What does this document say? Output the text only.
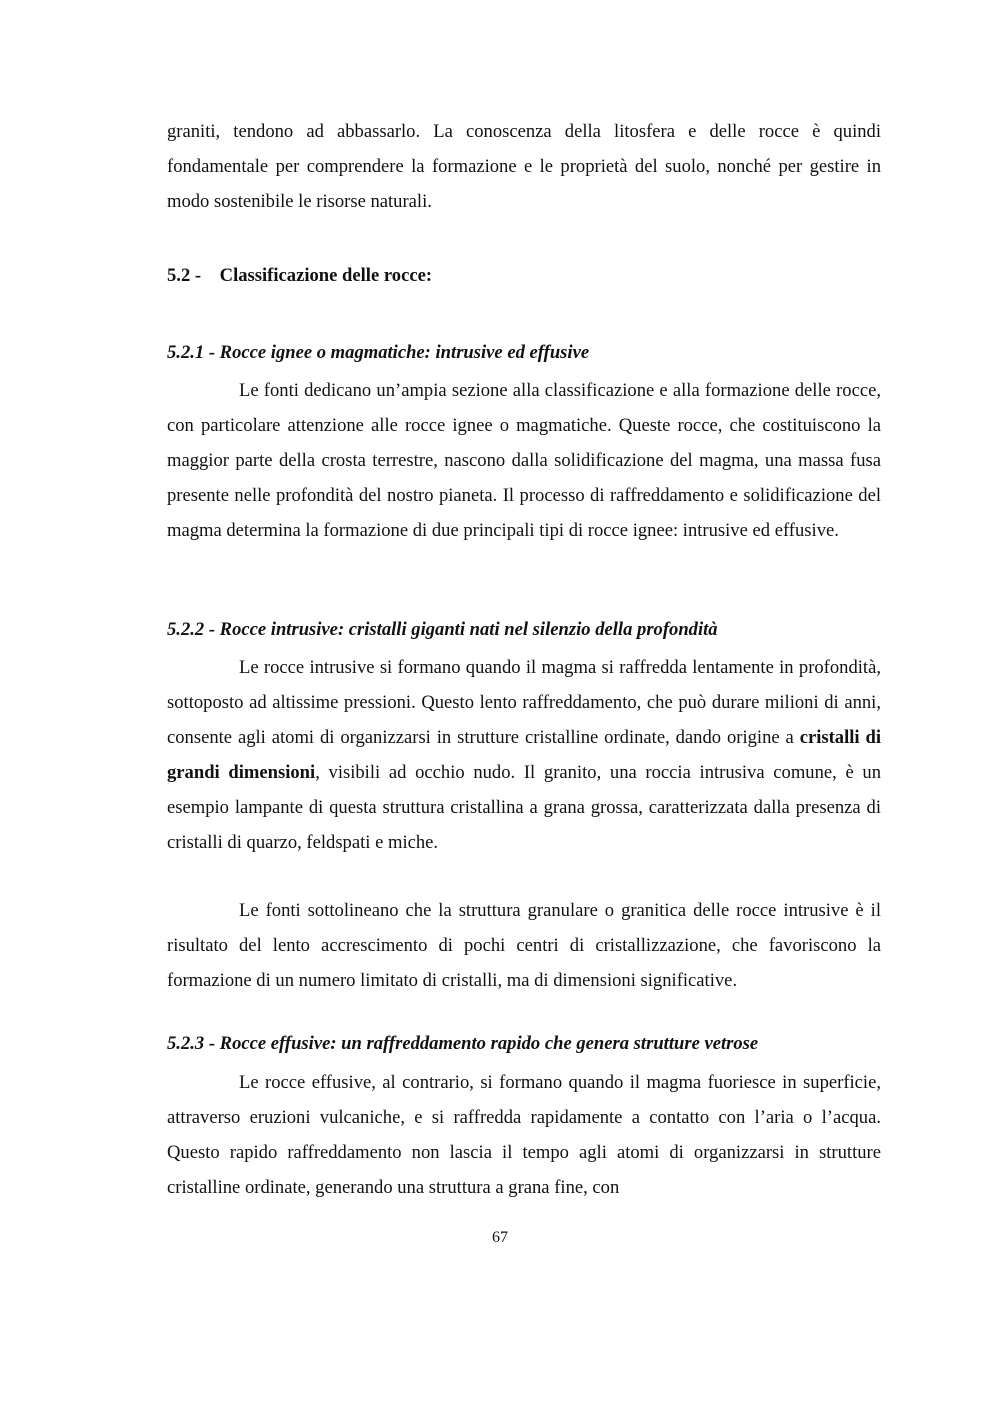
graniti, tendono ad abbassarlo. La conoscenza della litosfera e delle rocce è quindi fondamentale per comprendere la formazione e le proprietà del suolo, nonché per gestire in modo sostenibile le risorse naturali.

5.2 - Classificazione delle rocce:
5.2.1 - Rocce ignee o magmatiche: intrusive ed effusive

Le fonti dedicano un’ampia sezione alla classificazione e alla formazione delle rocce, con particolare attenzione alle rocce ignee o magmatiche. Queste rocce, che costituiscono la maggior parte della crosta terrestre, nascono dalla solidificazione del magma, una massa fusa presente nelle profondità del nostro pianeta. Il processo di raffreddamento e solidificazione del magma determina la formazione di due principali tipi di rocce ignee: intrusive ed effusive.

5.2.2 - Rocce intrusive: cristalli giganti nati nel silenzio della profondità

Le rocce intrusive si formano quando il magma si raffredda lentamente in profondità, sottoposto ad altissime pressioni. Questo lento raffreddamento, che può durare milioni di anni, consente agli atomi di organizzarsi in strutture cristalline ordinate, dando origine a cristalli di grandi dimensioni, visibili ad occhio nudo. Il granito, una roccia intrusiva comune, è un esempio lampante di questa struttura cristallina a grana grossa, caratterizzata dalla presenza di cristalli di quarzo, feldspati e miche.

Le fonti sottolineano che la struttura granulare o granitica delle rocce intrusive è il risultato del lento accrescimento di pochi centri di cristallizzazione, che favoriscono la formazione di un numero limitato di cristalli, ma di dimensioni significative.

5.2.3 - Rocce effusive: un raffreddamento rapido che genera strutture vetrose

Le rocce effusive, al contrario, si formano quando il magma fuoriesce in superficie, attraverso eruzioni vulcaniche, e si raffredda rapidamente a contatto con l’aria o l’acqua. Questo rapido raffreddamento non lascia il tempo agli atomi di organizzarsi in strutture cristalline ordinate, generando una struttura a grana fine, con

67
